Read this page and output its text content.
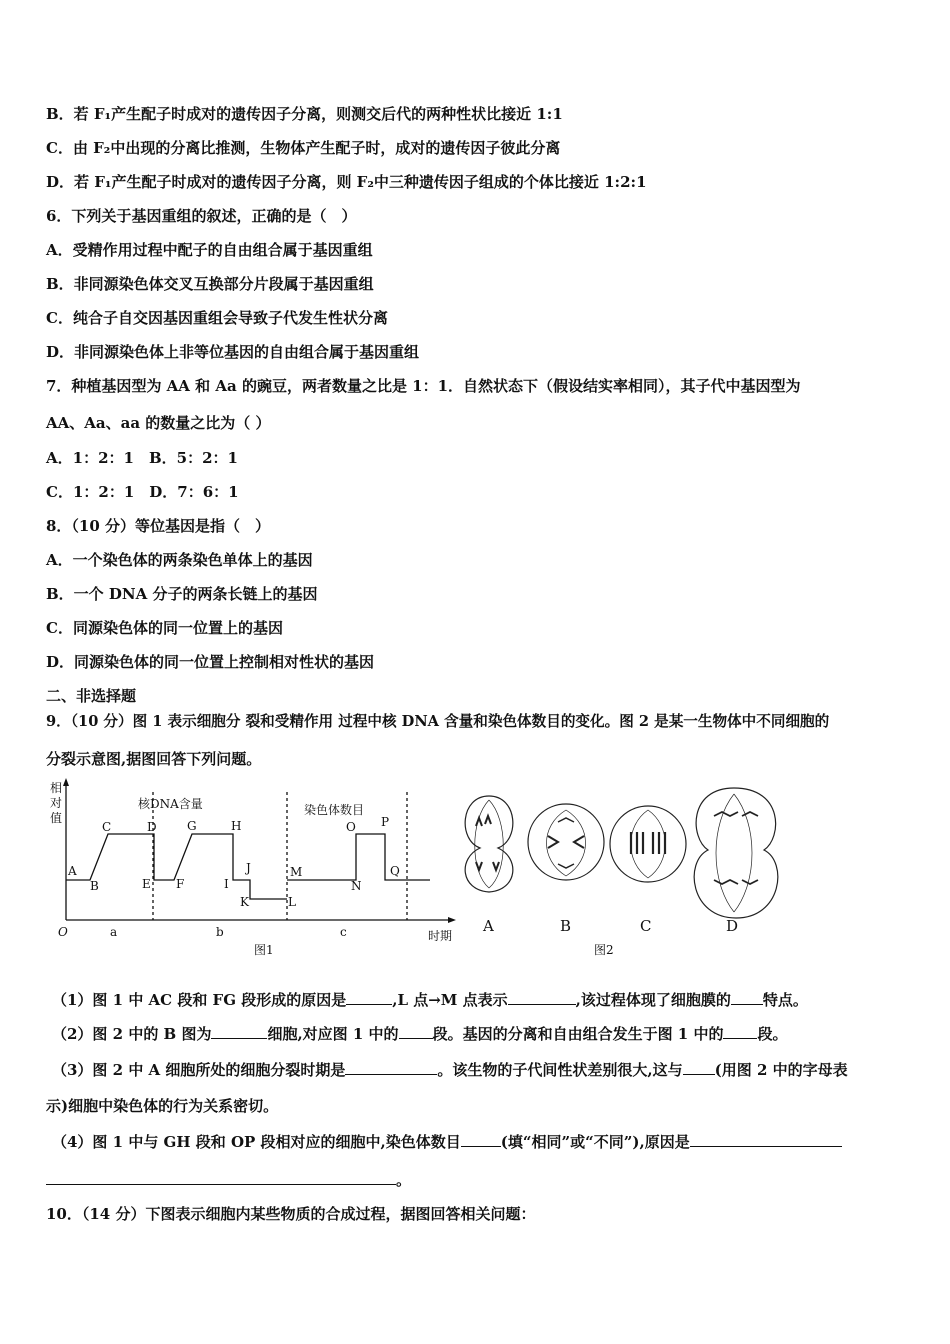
B．若 F₁产生配子时成对的遗传因子分离，则测交后代的两种性状比接近 1:1
C．由 F₂中出现的分离比推测，生物体产生配子时，成对的遗传因子彼此分离
D．若 F₁产生配子时成对的遗传因子分离，则 F₂中三种遗传因子组成的个体比接近 1:2:1
6．下列关于基因重组的叙述，正确的是（　）
A．受精作用过程中配子的自由组合属于基因重组
B．非同源染色体交叉互换部分片段属于基因重组
C．纯合子自交因基因重组会导致子代发生性状分离
D．非同源染色体上非等位基因的自由组合属于基因重组
7．种植基因型为 AA 和 Aa 的豌豆，两者数量之比是 1：1．自然状态下（假设结实率相同），其子代中基因型为
AA、Aa、aa 的数量之比为（ ）
A．1：2：1　B．5：2：1
C．1：2：1　D．7：6：1
8．（10 分）等位基因是指（　）
A．一个染色体的两条染色单体上的基因
B．一个 DNA 分子的两条长链上的基因
C．同源染色体的同一位置上的基因
D．同源染色体的同一位置上控制相对性状的基因
二、非选择题
9．（10 分）图 1 表示细胞分 裂和受精作用 过程中核 DNA 含量和染色体数目的变化。图 2 是某一生物体中不同细胞的
分裂示意图,据图回答下列问题。
相
对
值
O	时期
图1
核DNA含量	染色体数目
A
B
C	D
E F
G	H
I
J
K	L
M
N
O P
Q
a	b	c	A	B	C	D
图2
（1）图 1 中 AC 段和 FG 段形成的原因是	,L 点→M 点表示	,该过程体现了细胞膜的 特点。
（2）图 2 中的 B 图为	细胞,对应图 1 中的 段。基因的分离和自由组合发生于图 1 中的 段。
（3）图 2 中 A 细胞所处的细胞分裂时期是	。该生物的子代间性状差别很大,这与 (用图 2 中的字母表
示)细胞中染色体的行为关系密切。
（4）图 1 中与 GH 段和 OP 段相对应的细胞中,染色体数目	(填“相同”或“不同”),原因是
。
10．（14 分）下图表示细胞内某些物质的合成过程，据图回答相关问题：
